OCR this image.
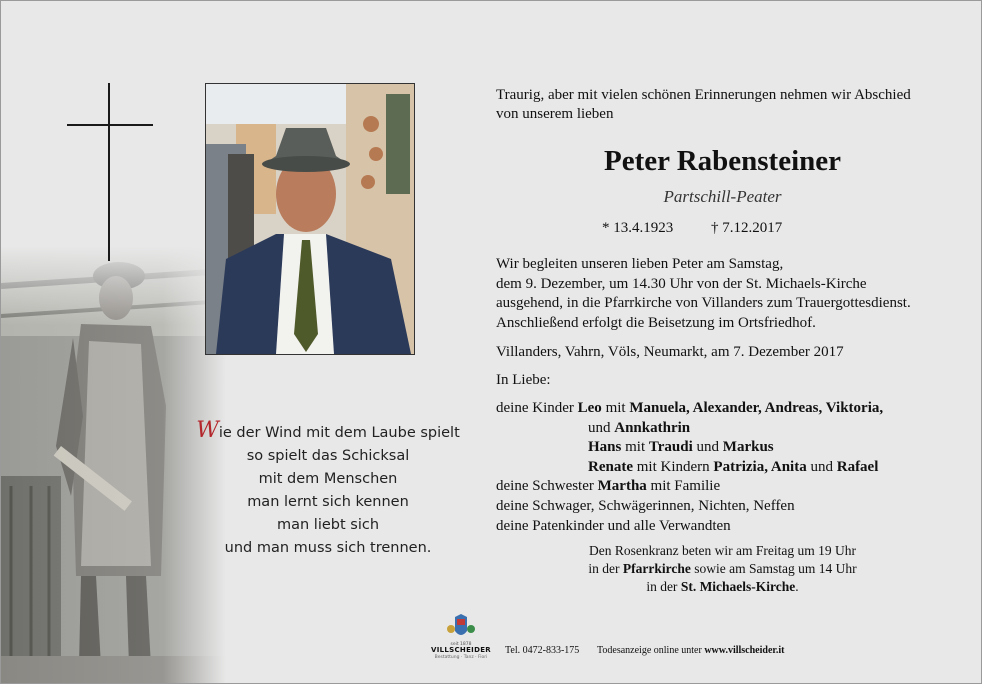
Wie der Wind mit dem Laube spielt
so spielt das Schicksal
mit dem Menschen
man lernt sich kennen
man liebt sich
und man muss sich trennen.
Traurig, aber mit vielen schönen Erinnerungen nehmen wir Abschied
von unserem lieben
Peter Rabensteiner
Partschill-Peater
* 13.4.1923	† 7.12.2017
Wir begleiten unseren lieben Peter am Samstag,
dem 9. Dezember, um 14.30 Uhr von der St. Michaels-Kirche
ausgehend, in die Pfarrkirche von Villanders zum Trauergottesdienst.
Anschließend erfolgt die Beisetzung im Ortsfriedhof.
Villanders, Vahrn, Völs, Neumarkt, am 7. Dezember 2017
In Liebe:
deine Kinder Leo mit Manuela, Alexander, Andreas, Viktoria,
und Annkathrin
Hans mit Traudi und Markus
Renate mit Kindern Patrizia, Anita und Rafael
deine Schwester Martha mit Familie
deine Schwager, Schwägerinnen, Nichten, Neffen
deine Patenkinder und alle Verwandten
Den Rosenkranz beten wir am Freitag um 19 Uhr
in der Pfarrkirche sowie am Samstag um 14 Uhr
in der St. Michaels-Kirche.
seit 1878
VILLSCHEIDER
Bestattung · Tanz · Fiori
Tel. 0472-833-175 Todesanzeige online unter www.villscheider.it
